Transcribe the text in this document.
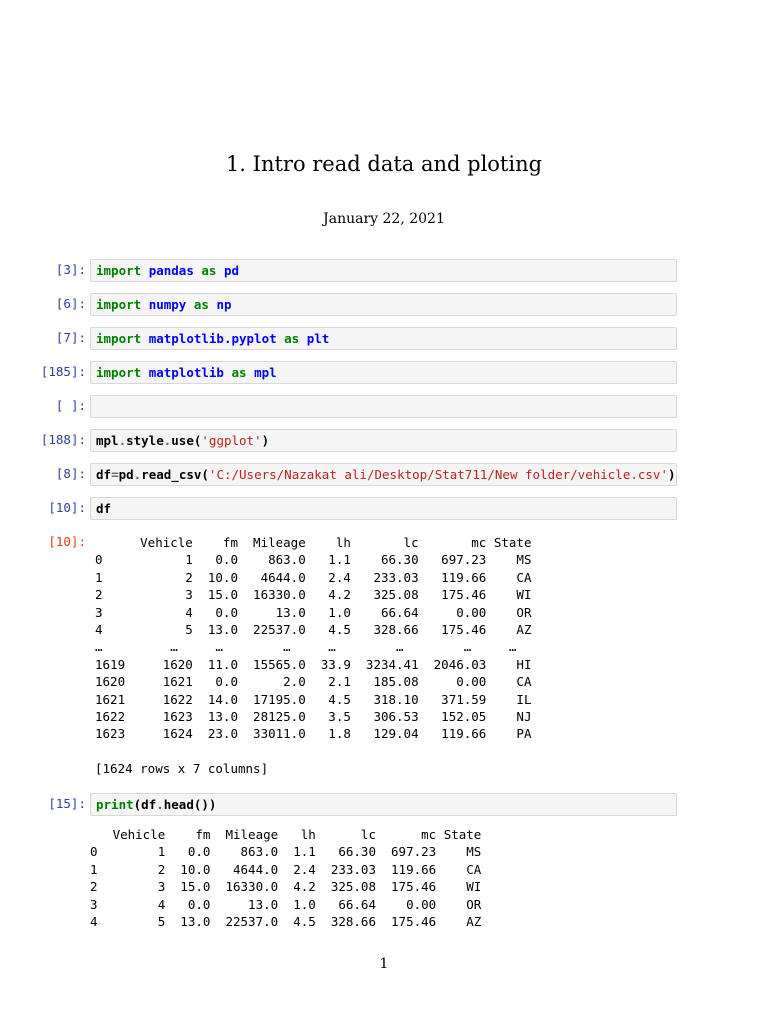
1. Intro read data and ploting
January 22, 2021
[3]: import pandas as pd
[6]: import numpy as np
[7]: import matplotlib.pyplot as plt
[185]: import matplotlib as mpl
[ ]:
[188]: mpl.style.use('ggplot')
[8]: df=pd.read_csv('C:/Users/Nazakat ali/Desktop/Stat711/New folder/vehicle.csv')
[10]: df
[10]:	Vehicle    fm  Mileage    lh       lc       mc State
0           1   0.0    863.0   1.1    66.30   697.23    MS
1           2  10.0   4644.0   2.4   233.03   119.66    CA
2           3  15.0  16330.0   4.2   325.08   175.46    WI
3           4   0.0     13.0   1.0    66.64     0.00    OR
4           5  13.0  22537.0   4.5   328.66   175.46    AZ
…         …     …        …     …        …        …     …
1619     1620  11.0  15565.0  33.9  3234.41  2046.03    HI
1620     1621   0.0      2.0   2.1   185.08     0.00    CA
1621     1622  14.0  17195.0   4.5   318.10   371.59    IL
1622     1623  13.0  28125.0   3.5   306.53   152.05    NJ
1623     1624  23.0  33011.0   1.8   129.04   119.66    PA

[1624 rows x 7 columns]
[15]: print(df.head())
Vehicle    fm  Mileage   lh      lc      mc State
0        1   0.0    863.0  1.1   66.30  697.23    MS
1        2  10.0   4644.0  2.4  233.03  119.66    CA
2        3  15.0  16330.0  4.2  325.08  175.46    WI
3        4   0.0     13.0  1.0   66.64    0.00    OR
4        5  13.0  22537.0  4.5  328.66  175.46    AZ
1
